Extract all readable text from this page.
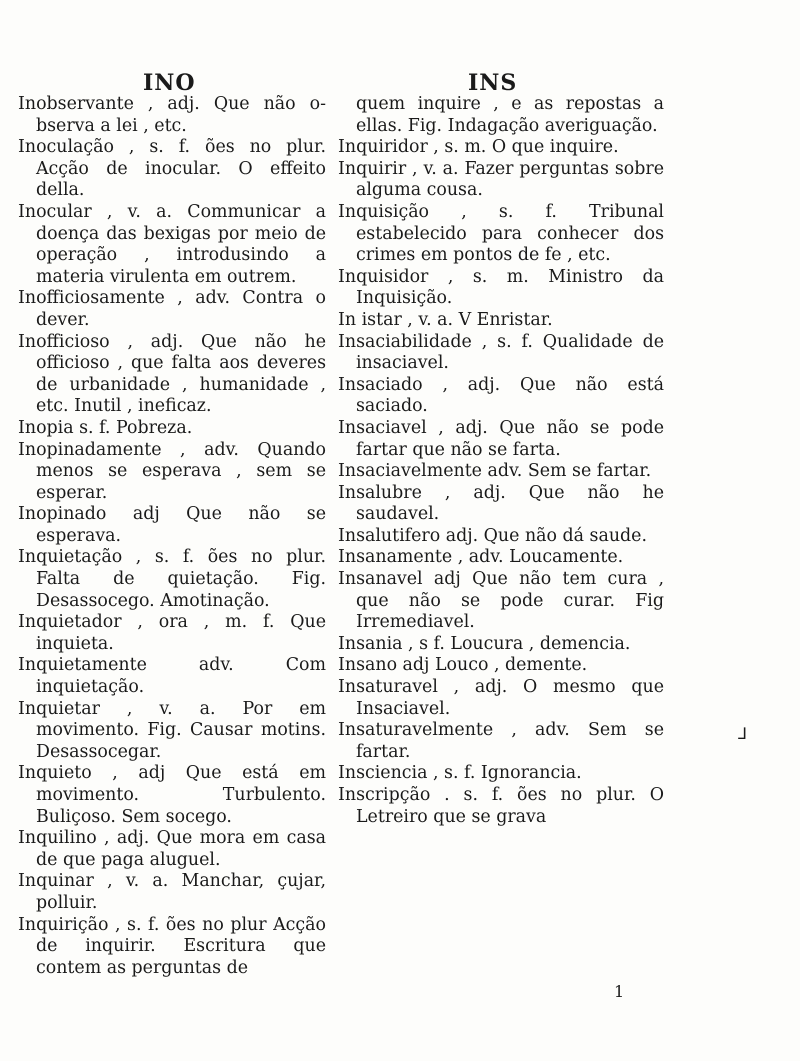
INO	INS

Inobservante , adj. Que não o-bserva a lei , etc.

Inoculação , s. f. ões no plur. Acção de inocular. O effeito della.

Inocular , v. a. Communicar a doença das bexigas por meio de operação , introdusindo a materia virulenta em outrem.

Inofficiosamente , adv. Contra o dever.

Inofficioso , adj. Que não he officioso , que falta aos deveres de urbanidade , humanidade , etc. Inutil , ineficaz.

Inopia s. f. Pobreza.

Inopinadamente , adv. Quando menos se esperava , sem se esperar.

Inopinado adj Que não se esperava.

Inquietação , s. f. ões no plur. Falta de quietação. Fig. Desassocego. Amotinação.

Inquietador , ora , m. f. Que inquieta.

Inquietamente adv. Com inquietação.

Inquietar , v. a. Por em movimento. Fig. Causar motins. Desassocegar.

Inquieto , adj Que está em movimento. Turbulento. Buliçoso. Sem socego.

Inquilino , adj. Que mora em casa de que paga aluguel.

Inquinar , v. a. Manchar, çujar, polluir.

Inquirição , s. f. ões no plur Acção de inquirir. Escritura que contem as perguntas de

quem inquire , e as repostas a ellas. Fig. Indagação averiguação.

Inquiridor , s. m. O que inquire.

Inquirir , v. a. Fazer perguntas sobre alguma cousa.

Inquisição , s. f. Tribunal estabelecido para conhecer dos crimes em pontos de fe , etc.

Inquisidor , s. m. Ministro da Inquisição.

In istar , v. a. V Enristar.

Insaciabilidade , s. f. Qualidade de insaciavel.

Insaciado , adj. Que não está saciado.

Insaciavel , adj. Que não se pode fartar que não se farta.

Insaciavelmente adv. Sem se fartar.

Insalubre , adj. Que não he saudavel.

Insalutifero adj. Que não dá saude.

Insanamente , adv. Loucamente.

Insanavel adj Que não tem cura , que não se pode curar. Fig Irremediavel.

Insania , s f. Loucura , demencia.

Insano adj Louco , demente.

Insaturavel , adj. O mesmo que Insaciavel.

Insaturavelmente , adv. Sem se fartar.

Insciencia , s. f. Ignorancia.

Inscripção . s. f. ões no plur. O Letreiro que se grava

⅃
1
